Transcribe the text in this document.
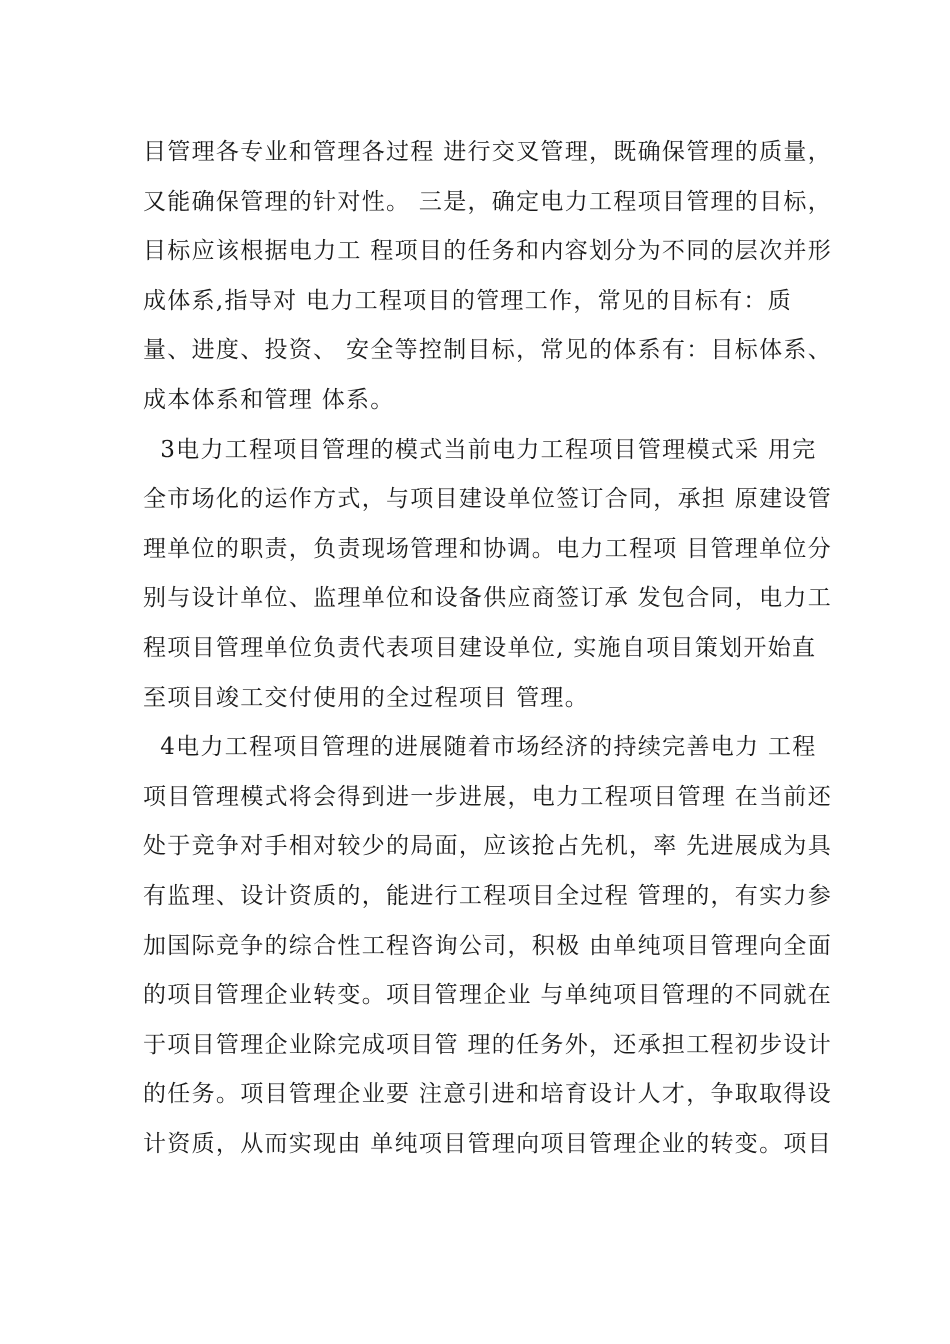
目管理各专业和管理各过程 进行交叉管理，既确保管理的质量，
又能确保管理的针对性。 三是，确定电力工程项目管理的目标，
目标应该根据电力工 程项目的任务和内容划分为不同的层次并形
成体系,指导对 电力工程项目的管理工作，常见的目标有：质
量、进度、投资、 安全等控制目标，常见的体系有：目标体系、
成本体系和管理 体系。
3电力工程项目管理的模式当前电力工程项目管理模式采 用完
全市场化的运作方式，与项目建设单位签订合同，承担 原建设管
理单位的职责，负责现场管理和协调。电力工程项 目管理单位分
别与设计单位、监理单位和设备供应商签订承 发包合同，电力工
程项目管理单位负责代表项目建设单位, 实施自项目策划开始直
至项目竣工交付使用的全过程项目 管理。
4电力工程项目管理的进展随着市场经济的持续完善电力 工程
项目管理模式将会得到进一步进展，电力工程项目管理 在当前还
处于竞争对手相对较少的局面，应该抢占先机，率 先进展成为具
有监理、设计资质的，能进行工程项目全过程 管理的，有实力参
加国际竞争的综合性工程咨询公司，积极 由单纯项目管理向全面
的项目管理企业转变。项目管理企业 与单纯项目管理的不同就在
于项目管理企业除完成项目管 理的任务外，还承担工程初步设计
的任务。项目管理企业要 注意引进和培育设计人才，争取取得设
计资质，从而实现由 单纯项目管理向项目管理企业的转变。项目
